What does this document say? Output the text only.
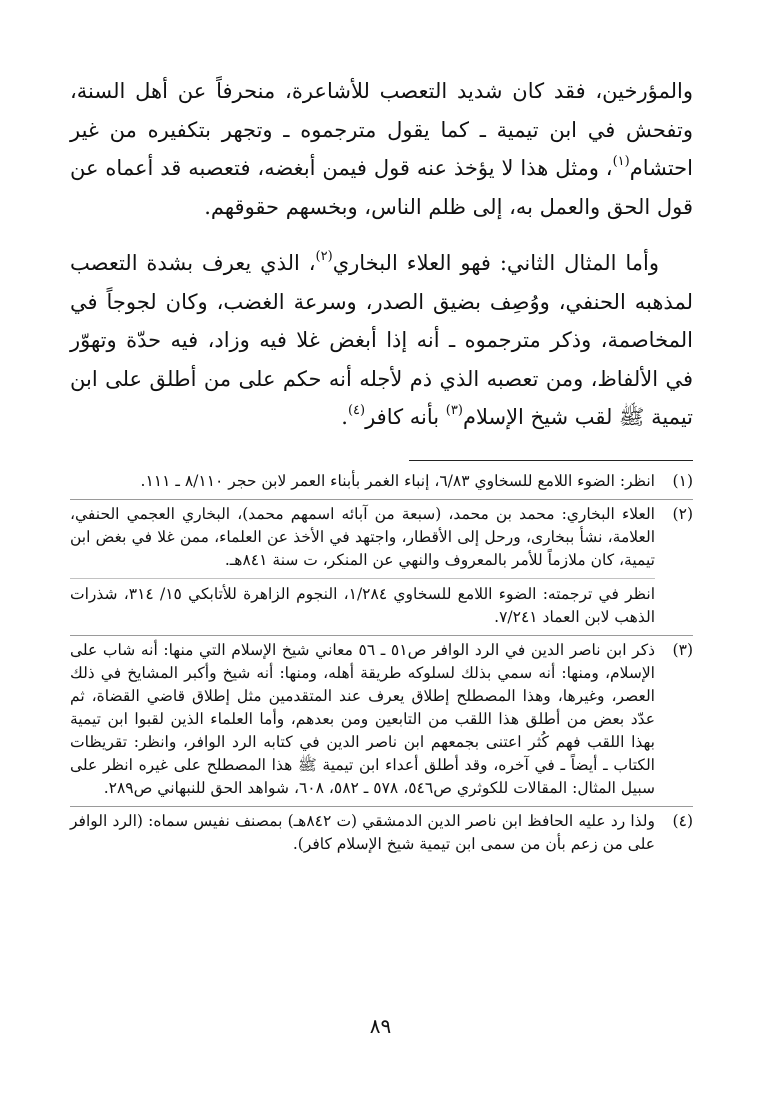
والمؤرخين، فقد كان شديد التعصب للأشاعرة، منحرفاً عن أهل السنة، وتفحش في ابن تيمية ـ كما يقول مترجموه ـ وتجهر بتكفيره من غير احتشام$^{(١)}$، ومثل هذا لا يؤخذ عنه قول فيمن أبغضه، فتعصبه قد أعماه عن قول الحق والعمل به، إلى ظلم الناس، وبخسهم حقوقهم.

وأما المثال الثاني: فهو العلاء البخاري$^{(٢)}$، الذي يعرف بشدة التعصب لمذهبه الحنفي، ووُصِف بضيق الصدر، وسرعة الغضب، وكان لجوجاً في المخاصمة، وذكر مترجموه ـ أنه إذا أبغض غلا فيه وزاد، فيه حدّة وتهوّر في الألفاظ، ومن تعصبه الذي ذم لأجله أنه حكم على من أطلق على ابن تيمية ﷺ لقب شيخ الإسلام$^{(٣)}$ بأنه كافر$^{(٤)}$.

(١)

انظر: الضوء اللامع للسخاوي ٦/٨٣، إنباء الغمر بأبناء العمر لابن حجر ٨/١١٠ ـ ١١١.

(٢)

العلاء البخاري: محمد بن محمد، (سبعة من آبائه اسمهم محمد)، البخاري العجمي الحنفي، العلامة، نشأ ببخارى، ورحل إلى الأقطار، واجتهد في الأخذ عن العلماء، ممن غلا في بغض ابن تيمية، كان ملازماً للأمر بالمعروف والنهي عن المنكر، ت سنة ٨٤١هـ.

انظر في ترجمته: الضوء اللامع للسخاوي ١/٢٨٤، النجوم الزاهرة للأتابكي ١٥/ ٣١٤، شذرات الذهب لابن العماد ٧/٢٤١.

(٣)

ذكر ابن ناصر الدين في الرد الوافر ص٥١ ـ ٥٦ معاني شيخ الإسلام التي منها: أنه شاب على الإسلام، ومنها: أنه سمي بذلك لسلوكه طريقة أهله، ومنها: أنه شيخ وأكبر المشايخ في ذلك العصر، وغيرها، وهذا المصطلح إطلاق يعرف عند المتقدمين مثل إطلاق قاضي القضاة، ثم عدّد بعض من أطلق هذا اللقب من التابعين ومن بعدهم، وأما العلماء الذين لقبوا ابن تيمية بهذا اللقب فهم كُثر اعتنى بجمعهم ابن ناصر الدين في كتابه الرد الوافر، وانظر: تقريظات الكتاب ـ أيضاً ـ في آخره، وقد أطلق أعداء ابن تيمية ﷺ هذا المصطلح على غيره انظر على سبيل المثال: المقالات للكوثري ص٥٤٦، ٥٧٨ ـ ٥٨٢، ٦٠٨، شواهد الحق للنبهاني ص٢٨٩.

(٤)

ولذا رد عليه الحافظ ابن ناصر الدين الدمشقي (ت ٨٤٢هـ) بمصنف نفيس سماه: (الرد الوافر على من زعم بأن من سمى ابن تيمية شيخ الإسلام كافر).

٨٩
